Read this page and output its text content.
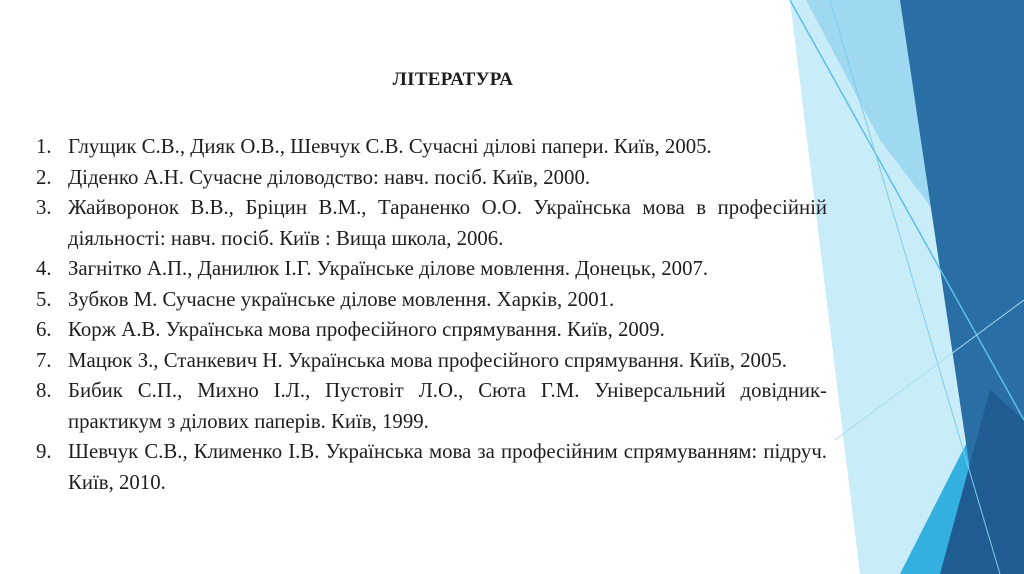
ЛІТЕРАТУРА
1. Глущик С.В., Дияк О.В., Шевчук С.В. Сучасні ділові папери. Київ, 2005.
2. Діденко А.Н. Сучасне діловодство: навч. посіб. Київ, 2000.
3. Жайворонок В.В., Бріцин В.М., Тараненко О.О. Українська мова в професійній діяльності: навч. посіб. Київ : Вища школа, 2006.
4. Загнітко А.П., Данилюк І.Г. Українське ділове мовлення. Донецьк, 2007.
5. Зубков М. Сучасне українське ділове мовлення. Харків, 2001.
6. Корж А.В. Українська мова професійного спрямування. Київ, 2009.
7. Мацюк З., Станкевич Н. Українська мова професійного спрямування. Київ, 2005.
8. Бибик С.П., Михно І.Л., Пустовіт Л.О., Сюта Г.М. Універсальний довідник-практикум з ділових паперів. Київ, 1999.
9. Шевчук С.В., Клименко І.В. Українська мова за професійним спрямуванням: підруч. Київ, 2010.
